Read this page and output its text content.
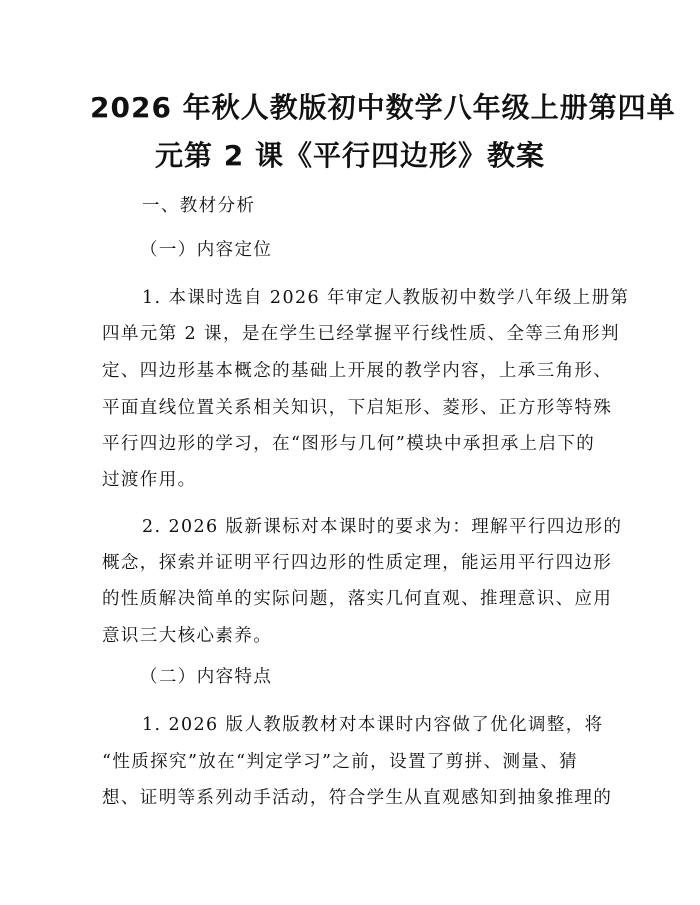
2026 年秋人教版初中数学八年级上册第四单
元第 2 课《平行四边形》教案
一、教材分析
（一）内容定位
1. 本课时选自 2026 年审定人教版初中数学八年级上册第
四单元第 2 课，是在学生已经掌握平行线性质、全等三角形判
定、四边形基本概念的基础上开展的教学内容，上承三角形、
平面直线位置关系相关知识，下启矩形、菱形、正方形等特殊
平行四边形的学习，在“图形与几何”模块中承担承上启下的
过渡作用。
2. 2026 版新课标对本课时的要求为：理解平行四边形的
概念，探索并证明平行四边形的性质定理，能运用平行四边形
的性质解决简单的实际问题，落实几何直观、推理意识、应用
意识三大核心素养。
（二）内容特点
1. 2026 版人教版教材对本课时内容做了优化调整，将
“性质探究”放在“判定学习”之前，设置了剪拼、测量、猜
想、证明等系列动手活动，符合学生从直观感知到抽象推理的
